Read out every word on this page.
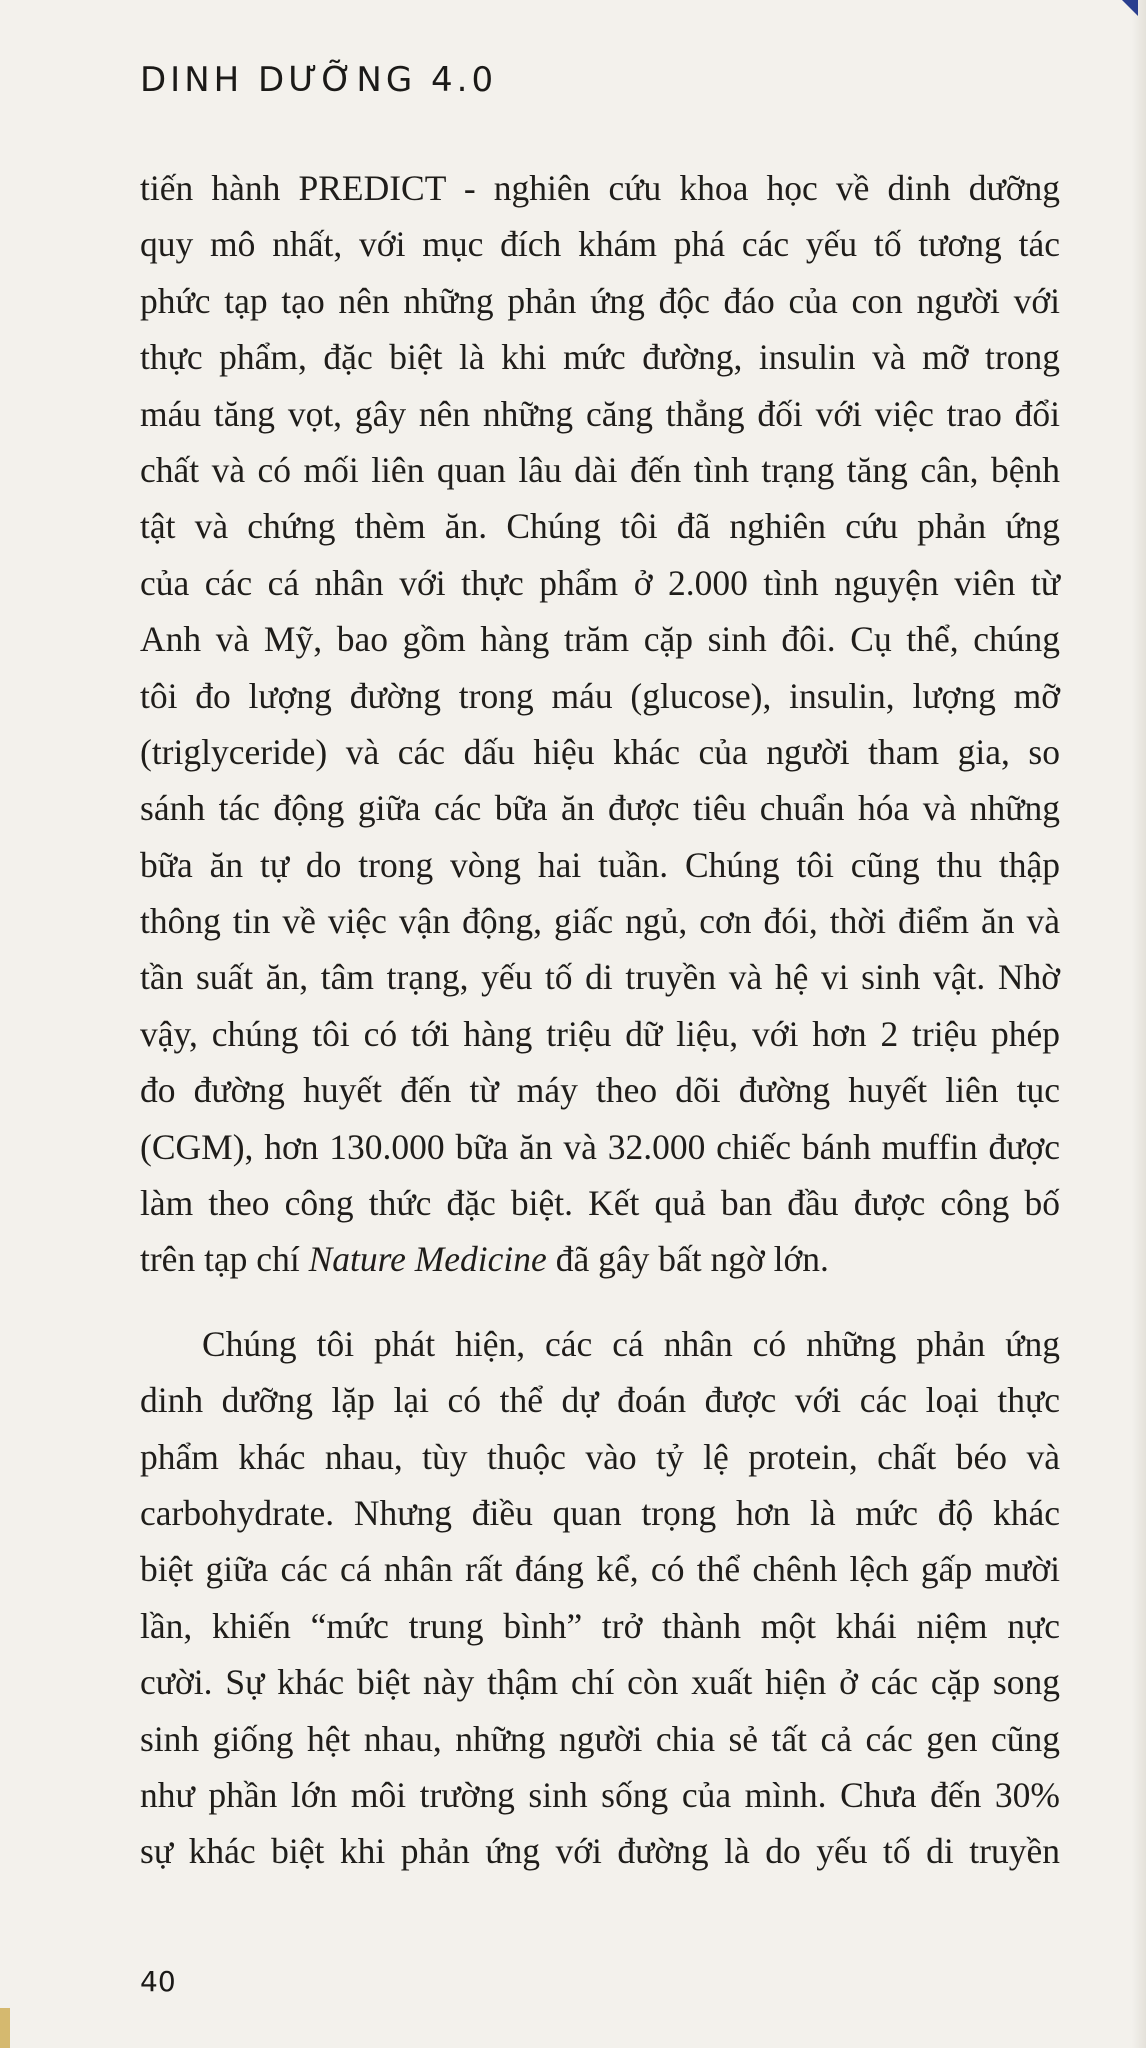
DINH DƯỠNG 4.0
tiến hành PREDICT - nghiên cứu khoa học về dinh dưỡng
quy mô nhất, với mục đích khám phá các yếu tố tương tác
phức tạp tạo nên những phản ứng độc đáo của con người với
thực phẩm, đặc biệt là khi mức đường, insulin và mỡ trong
máu tăng vọt, gây nên những căng thẳng đối với việc trao đổi
chất và có mối liên quan lâu dài đến tình trạng tăng cân, bệnh
tật và chứng thèm ăn. Chúng tôi đã nghiên cứu phản ứng
của các cá nhân với thực phẩm ở 2.000 tình nguyện viên từ
Anh và Mỹ, bao gồm hàng trăm cặp sinh đôi. Cụ thể, chúng
tôi đo lượng đường trong máu (glucose), insulin, lượng mỡ
(triglyceride) và các dấu hiệu khác của người tham gia, so
sánh tác động giữa các bữa ăn được tiêu chuẩn hóa và những
bữa ăn tự do trong vòng hai tuần. Chúng tôi cũng thu thập
thông tin về việc vận động, giấc ngủ, cơn đói, thời điểm ăn và
tần suất ăn, tâm trạng, yếu tố di truyền và hệ vi sinh vật. Nhờ
vậy, chúng tôi có tới hàng triệu dữ liệu, với hơn 2 triệu phép
đo đường huyết đến từ máy theo dõi đường huyết liên tục
(CGM), hơn 130.000 bữa ăn và 32.000 chiếc bánh muffin được
làm theo công thức đặc biệt. Kết quả ban đầu được công bố
trên tạp chí Nature Medicine đã gây bất ngờ lớn.
Chúng tôi phát hiện, các cá nhân có những phản ứng
dinh dưỡng lặp lại có thể dự đoán được với các loại thực
phẩm khác nhau, tùy thuộc vào tỷ lệ protein, chất béo và
carbohydrate. Nhưng điều quan trọng hơn là mức độ khác
biệt giữa các cá nhân rất đáng kể, có thể chênh lệch gấp mười
lần, khiến “mức trung bình” trở thành một khái niệm nực
cười. Sự khác biệt này thậm chí còn xuất hiện ở các cặp song
sinh giống hệt nhau, những người chia sẻ tất cả các gen cũng
như phần lớn môi trường sinh sống của mình. Chưa đến 30%
sự khác biệt khi phản ứng với đường là do yếu tố di truyền
40
